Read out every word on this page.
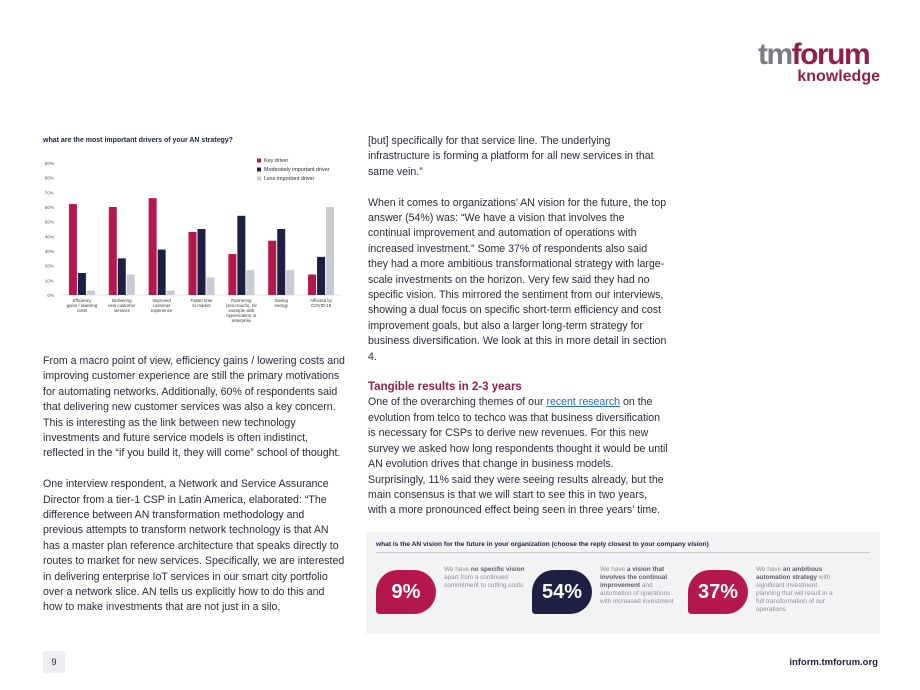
tmforum
knowledge
what are the most important drivers of your AN strategy?
0%
10%
20%
30%
40%
50%
60%
70%
80%
90%
Efficiency gains / lowering costs
Delivering new customer services
Improved customer experience
Faster time to market
Partnering (zero-touch), for example with hyperscalers or enterprise
Saving energy
Affected by COVID-19
Key driver
Moderately important driver
Less important driver

From a macro point of view, efficiency gains / lowering costs and improving customer experience are still the primary motivations for automating networks. Additionally, 60% of respondents said that delivering new customer services was also a key concern. This is interesting as the link between new technology investments and future service models is often indistinct, reflected in the “if you build it, they will come” school of thought.

One interview respondent, a Network and Service Assurance Director from a tier-1 CSP in Latin America, elaborated: “The difference between AN transformation methodology and previous attempts to transform network technology is that AN has a master plan reference architecture that speaks directly to routes to market for new services. Specifically, we are interested in delivering enterprise IoT services in our smart city portfolio over a network slice. AN tells us explicitly how to do this and how to make investments that are not just in a silo,

[but] specifically for that service line. The underlying infrastructure is forming a platform for all new services in that same vein.”

When it comes to organizations’ AN vision for the future, the top answer (54%) was: “We have a vision that involves the continual improvement and automation of operations with increased investment.” Some 37% of respondents also said they had a more ambitious transformational strategy with large-scale investments on the horizon. Very few said they had no specific vision. This mirrored the sentiment from our interviews, showing a dual focus on specific short-term efficiency and cost improvement goals, but also a larger long-term strategy for business diversification. We look at this in more detail in section 4.

Tangible results in 2-3 years

One of the overarching themes of our recent research on the evolution from telco to techco was that business diversification is necessary for CSPs to derive new revenues. For this new survey we asked how long respondents thought it would be until AN evolution drives that change in business models. Surprisingly, 11% said they were seeing results already, but the main consensus is that we will start to see this in two years, with a more pronounced effect being seen in three years’ time.

what is the AN vision for the future in your organization (choose the reply closest to your company vision)
9%
We have no specific vision apart from a continued commitment to cutting costs 54%
We have a vision that involves the continual improvement and automation of operations with increased investment	37%
We have an ambitious automation strategy with significant investment planning that will result in a full transformation of our operations
9	inform.tmforum.org
